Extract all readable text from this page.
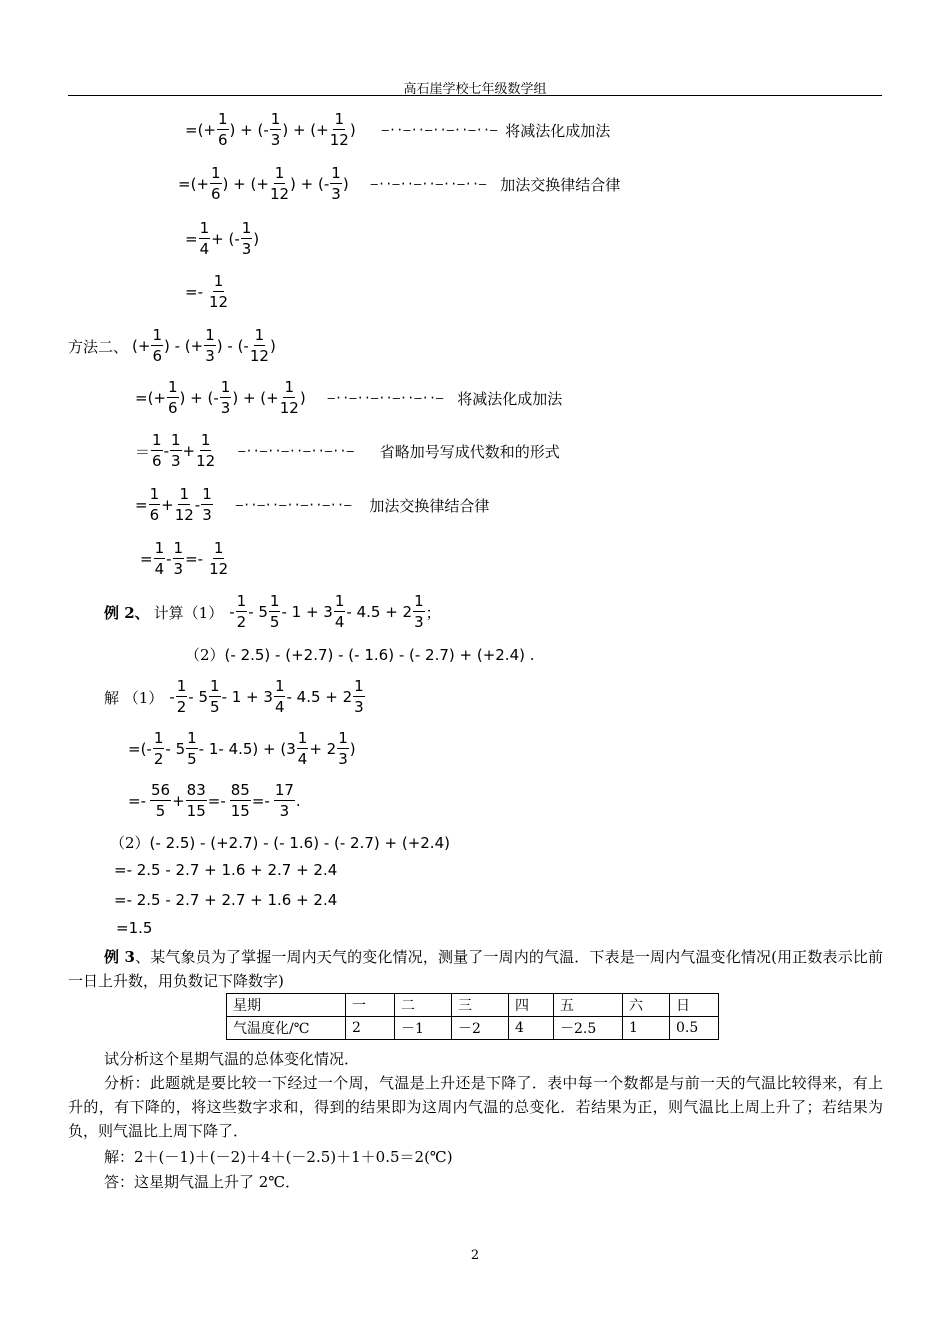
高石崖学校七年级数学组
= (+ $\frac{1}{6}$ ) + (-
1
3
) + (+ $\frac{1}{12}$ ) –··–··–··–··–··– 将减法化成加法
= (+ $\frac{1}{6}$ ) + (+ $\frac{1}{12}$ ) + (-
1
3
) –··–··–··–··–··– 加法交换律结合律
= $\frac{1}{4}$ + (-
1
3
)
=-
1
12
方法二、 (+ $\frac{1}{6}$ ) - (+ $\frac{1}{3}$ ) - (-
1
12
)
=(+ $\frac{1}{6}$ ) + (-
1
3
) + (+ $\frac{1}{12}$ ) –··–··–··–··–··– 将减法化成加法
＝
1
6
-
1
3
+ $\frac{1}{12}$ –··–··–··–··–··– 省略加号写成代数和的形式
= $\frac{1}{6} + \frac{1}{12}$ -
1
3
–··–··–··–··–··– 加法交换律结合律
= $\frac{1}{4} - \frac{1}{3}$ =-
1
12
例 2、 计算（1） -
1
2
- 5
1
5
- 1 + 3
1
4
- 4.5 + 2
1
3
；
（2） (- 2.5) - (+2.7) - (- 1.6) - (- 2.7) + (+2.4) .
解 （1） -
1
2
- 5
1
5
- 1 + 3
1
4
- 4.5 + 2
1
3
=(-
1
2
- 5
1
5
- 1- 4.5) + (3
1
4
+ 2
1
3
)
=-
56
5
+ $\frac{83}{15} =- \frac{85}{15}$ =-
17
3
.
（2） (- 2.5) - (+2.7) - (- 1.6) - (- 2.7) + (+2.4)
=- 2.5 - 2.7 + 1.6 + 2.7 + 2.4
=- 2.5 - 2.7 + 2.7 + 1.6 + 2.4
=1.5
例 3、某气象员为了掌握一周内天气的变化情况，测量了一周内的气温．下表是一周内气温变化情况(用正数表示比前一日上升数，用负数记下降数字)
星期	一	二	三	四	五	六	日
气温度化/℃	2	－1	－2	4	－2.5	1	0.5
试分析这个星期气温的总体变化情况．
分析：此题就是要比较一下经过一个周，气温是上升还是下降了．表中每一个数都是与前一天的气温比较得来，有上升的，有下降的，将这些数字求和，得到的结果即为这周内气温的总变化．若结果为正，则气温比上周上升了；若结果为负，则气温比上周下降了．
解：2＋(－1)＋(－2)＋4＋(－2.5)＋1＋0.5＝2(℃)
答：这星期气温上升了 2℃．
2
